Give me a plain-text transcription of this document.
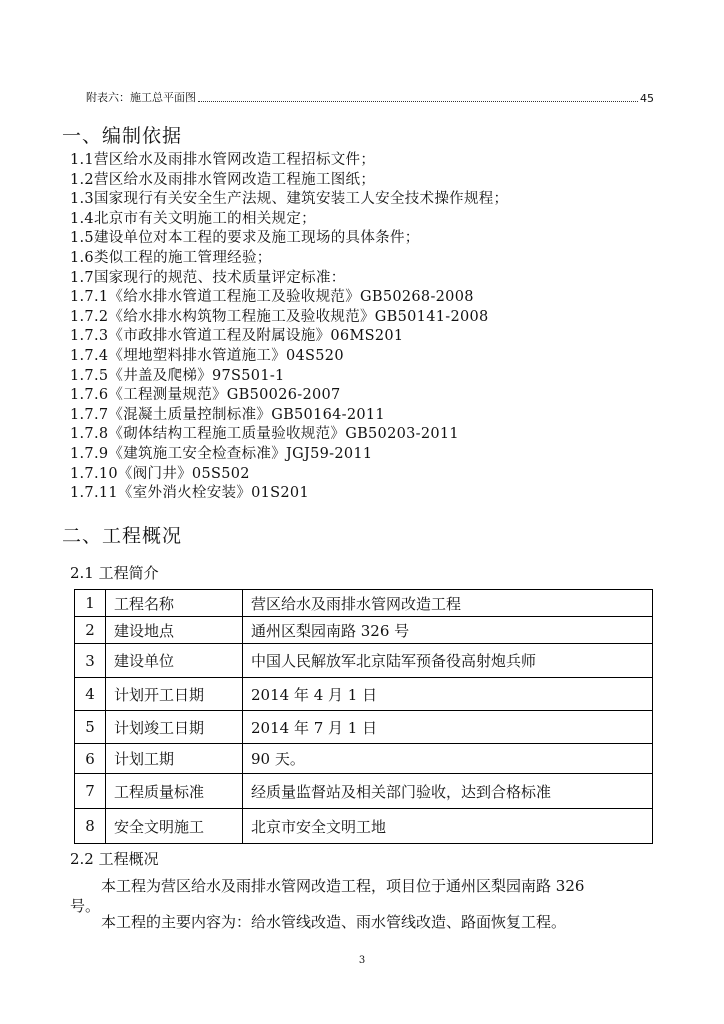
附表六：施工总平面图	45
一、编制依据
1.1营区给水及雨排水管网改造工程招标文件；
1.2营区给水及雨排水管网改造工程施工图纸；
1.3国家现行有关安全生产法规、建筑安装工人安全技术操作规程；
1.4北京市有关文明施工的相关规定；
1.5建设单位对本工程的要求及施工现场的具体条件；
1.6类似工程的施工管理经验；
1.7国家现行的规范、技术质量评定标准：
1.7.1《给水排水管道工程施工及验收规范》GB50268-2008
1.7.2《给水排水构筑物工程施工及验收规范》GB50141-2008
1.7.3《市政排水管道工程及附属设施》06MS201
1.7.4《埋地塑料排水管道施工》04S520
1.7.5《井盖及爬梯》97S501-1
1.7.6《工程测量规范》GB50026-2007
1.7.7《混凝土质量控制标准》GB50164-2011
1.7.8《砌体结构工程施工质量验收规范》GB50203-2011
1.7.9《建筑施工安全检查标准》JGJ59-2011
1.7.10《阀门井》05S502
1.7.11《室外消火栓安装》01S201
二、工程概况
2.1 工程简介
1	工程名称	营区给水及雨排水管网改造工程
2	建设地点	通州区梨园南路 326 号
3	建设单位	中国人民解放军北京陆军预备役高射炮兵师
4	计划开工日期	2014 年 4 月 1 日
5	计划竣工日期	2014 年 7 月 1 日
6	计划工期	90 天。
7	工程质量标准	经质量监督站及相关部门验收，达到合格标准
8	安全文明施工	北京市安全文明工地
2.2 工程概况
本工程为营区给水及雨排水管网改造工程，项目位于通州区梨园南路 326
号。
本工程的主要内容为：给水管线改造、雨水管线改造、路面恢复工程。
3
